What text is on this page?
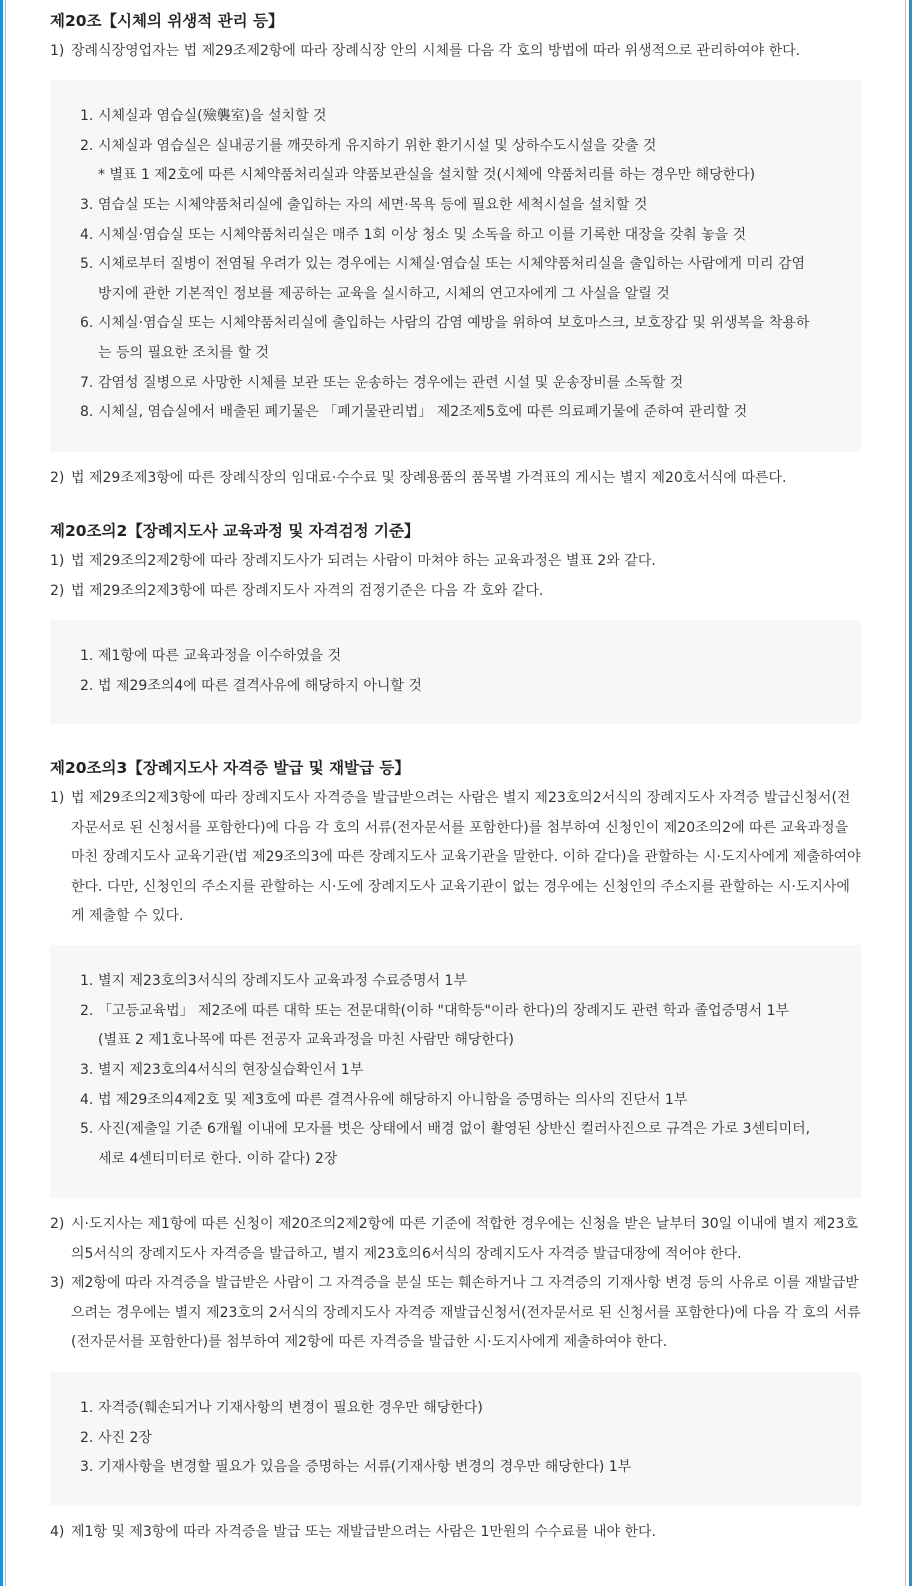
제20조【시체의 위생적 관리 등】
1) 장례식장영업자는 법 제29조제2항에 따라 장례식장 안의 시체를 다음 각 호의 방법에 따라 위생적으로 관리하여야 한다.
1. 시체실과 염습실(殮襲室)을 설치할 것
2. 시체실과 염습실은 실내공기를 깨끗하게 유지하기 위한 환기시설 및 상하수도시설을 갖출 것
* 별표 1 제2호에 따른 시체약품처리실과 약품보관실을 설치할 것(시체에 약품처리를 하는 경우만 해당한다)
3. 염습실 또는 시체약품처리실에 출입하는 자의 세면·목욕 등에 필요한 세척시설을 설치할 것
4. 시체실·염습실 또는 시체약품처리실은 매주 1회 이상 청소 및 소독을 하고 이를 기록한 대장을 갖춰 놓을 것
5. 시체로부터 질병이 전염될 우려가 있는 경우에는 시체실·염습실 또는 시체약품처리실을 출입하는 사람에게 미리 감염 방지에 관한 기본적인 정보를 제공하는 교육을 실시하고, 시체의 연고자에게 그 사실을 알릴 것
6. 시체실·염습실 또는 시체약품처리실에 출입하는 사람의 감염 예방을 위하여 보호마스크, 보호장갑 및 위생복을 착용하는 등의 필요한 조치를 할 것
7. 감염성 질병으로 사망한 시체를 보관 또는 운송하는 경우에는 관련 시설 및 운송장비를 소독할 것
8. 시체실, 염습실에서 배출된 폐기물은 「폐기물관리법」 제2조제5호에 따른 의료폐기물에 준하여 관리할 것
2) 법 제29조제3항에 따른 장례식장의 임대료·수수료 및 장례용품의 품목별 가격표의 게시는 별지 제20호서식에 따른다.
제20조의2【장례지도사 교육과정 및 자격검정 기준】
1) 법 제29조의2제2항에 따라 장례지도사가 되려는 사람이 마쳐야 하는 교육과정은 별표 2와 같다.
2) 법 제29조의2제3항에 따른 장례지도사 자격의 검정기준은 다음 각 호와 같다.
1. 제1항에 따른 교육과정을 이수하였을 것
2. 법 제29조의4에 따른 결격사유에 해당하지 아니할 것
제20조의3【장례지도사 자격증 발급 및 재발급 등】
1) 법 제29조의2제3항에 따라 장례지도사 자격증을 발급받으려는 사람은 별지 제23호의2서식의 장례지도사 자격증 발급신청서(전자문서로 된 신청서를 포함한다)에 다음 각 호의 서류(전자문서를 포함한다)를 첨부하여 신청인이 제20조의2에 따른 교육과정을 마친 장례지도사 교육기관(법 제29조의3에 따른 장례지도사 교육기관을 말한다. 이하 같다)을 관할하는 시·도지사에게 제출하여야 한다. 다만, 신청인의 주소지를 관할하는 시·도에 장례지도사 교육기관이 없는 경우에는 신청인의 주소지를 관할하는 시·도지사에게 제출할 수 있다.
1. 별지 제23호의3서식의 장례지도사 교육과정 수료증명서 1부
2. 「고등교육법」 제2조에 따른 대학 또는 전문대학(이하 "대학등"이라 한다)의 장례지도 관련 학과 졸업증명서 1부
(별표 2 제1호나목에 따른 전공자 교육과정을 마친 사람만 해당한다)
3. 별지 제23호의4서식의 현장실습확인서 1부
4. 법 제29조의4제2호 및 제3호에 따른 결격사유에 해당하지 아니함을 증명하는 의사의 진단서 1부
5. 사진(제출일 기준 6개월 이내에 모자를 벗은 상태에서 배경 없이 촬영된 상반신 컬러사진으로 규격은 가로 3센티미터, 세로 4센티미터로 한다. 이하 같다) 2장
2) 시·도지사는 제1항에 따른 신청이 제20조의2제2항에 따른 기준에 적합한 경우에는 신청을 받은 날부터 30일 이내에 별지 제23호의5서식의 장례지도사 자격증을 발급하고, 별지 제23호의6서식의 장례지도사 자격증 발급대장에 적어야 한다.
3) 제2항에 따라 자격증을 발급받은 사람이 그 자격증을 분실 또는 훼손하거나 그 자격증의 기재사항 변경 등의 사유로 이를 재발급받으려는 경우에는 별지 제23호의 2서식의 장례지도사 자격증 재발급신청서(전자문서로 된 신청서를 포함한다)에 다음 각 호의 서류(전자문서를 포함한다)를 첨부하여 제2항에 따른 자격증을 발급한 시·도지사에게 제출하여야 한다.
1. 자격증(훼손되거나 기재사항의 변경이 필요한 경우만 해당한다)
2. 사진 2장
3. 기재사항을 변경할 필요가 있음을 증명하는 서류(기재사항 변경의 경우만 해당한다) 1부
4) 제1항 및 제3항에 따라 자격증을 발급 또는 재발급받으려는 사람은 1만원의 수수료를 내야 한다.
